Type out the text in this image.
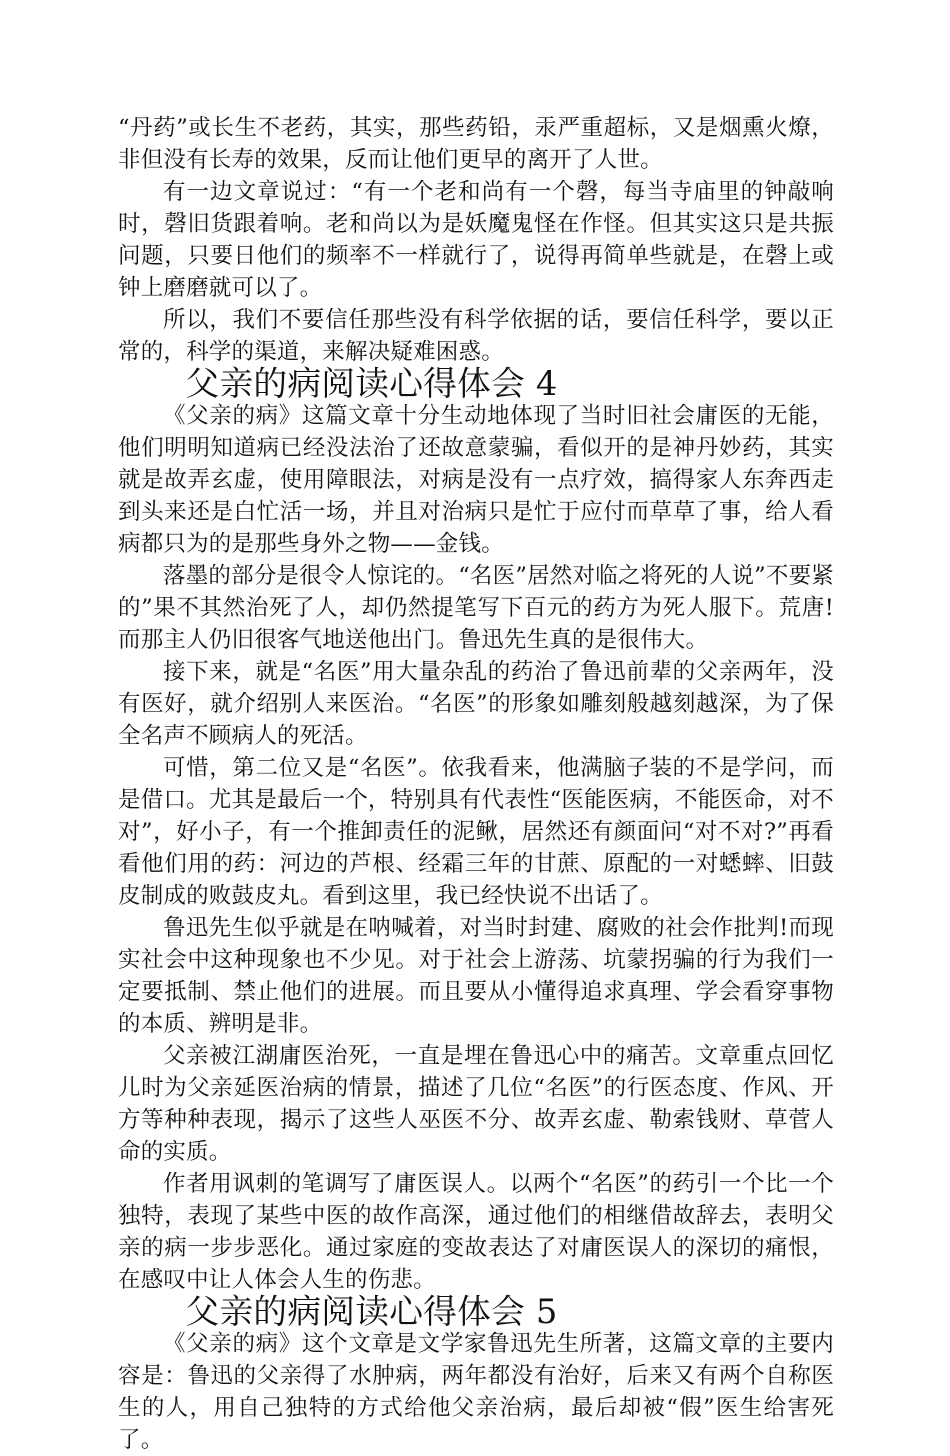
“丹药”或长生不老药，其实，那些药铅，汞严重超标，又是烟熏火燎，非但没有长寿的效果，反而让他们更早的离开了人世。

有一边文章说过：“有一个老和尚有一个磬，每当寺庙里的钟敲响时，磬旧货跟着响。老和尚以为是妖魔鬼怪在作怪。但其实这只是共振问题，只要日他们的频率不一样就行了，说得再简单些就是，在磬上或钟上磨磨就可以了。

所以，我们不要信任那些没有科学依据的话，要信任科学，要以正常的，科学的渠道，来解决疑难困惑。

父亲的病阅读心得体会 4

《父亲的病》这篇文章十分生动地体现了当时旧社会庸医的无能，他们明明知道病已经没法治了还故意蒙骗，看似开的是神丹妙药，其实就是故弄玄虚，使用障眼法，对病是没有一点疗效，搞得家人东奔西走到头来还是白忙活一场，并且对治病只是忙于应付而草草了事，给人看病都只为的是那些身外之物——金钱。

落墨的部分是很令人惊诧的。“名医”居然对临之将死的人说”不要紧的”果不其然治死了人，却仍然提笔写下百元的药方为死人服下。荒唐!而那主人仍旧很客气地送他出门。鲁迅先生真的是很伟大。

接下来，就是“名医”用大量杂乱的药治了鲁迅前辈的父亲两年，没有医好，就介绍别人来医治。“名医”的形象如雕刻般越刻越深，为了保全名声不顾病人的死活。

可惜，第二位又是“名医”。依我看来，他满脑子装的不是学问，而是借口。尤其是最后一个，特别具有代表性“医能医病，不能医命，对不对”，好小子，有一个推卸责任的泥鳅，居然还有颜面问“对不对?”再看看他们用的药：河边的芦根、经霜三年的甘蔗、原配的一对蟋蟀、旧鼓皮制成的败鼓皮丸。看到这里，我已经快说不出话了。

鲁迅先生似乎就是在呐喊着，对当时封建、腐败的社会作批判!而现实社会中这种现象也不少见。对于社会上游荡、坑蒙拐骗的行为我们一定要抵制、禁止他们的进展。而且要从小懂得追求真理、学会看穿事物的本质、辨明是非。

父亲被江湖庸医治死，一直是埋在鲁迅心中的痛苦。文章重点回忆儿时为父亲延医治病的情景，描述了几位“名医”的行医态度、作风、开方等种种表现，揭示了这些人巫医不分、故弄玄虚、勒索钱财、草菅人命的实质。

作者用讽刺的笔调写了庸医误人。以两个“名医”的药引一个比一个独特，表现了某些中医的故作高深，通过他们的相继借故辞去，表明父亲的病一步步恶化。通过家庭的变故表达了对庸医误人的深切的痛恨，在感叹中让人体会人生的伤悲。

父亲的病阅读心得体会 5

《父亲的病》这个文章是文学家鲁迅先生所著，这篇文章的主要内容是：鲁迅的父亲得了水肿病，两年都没有治好，后来又有两个自称医生的人，用自己独特的方式给他父亲治病，最后却被“假”医生给害死了。
